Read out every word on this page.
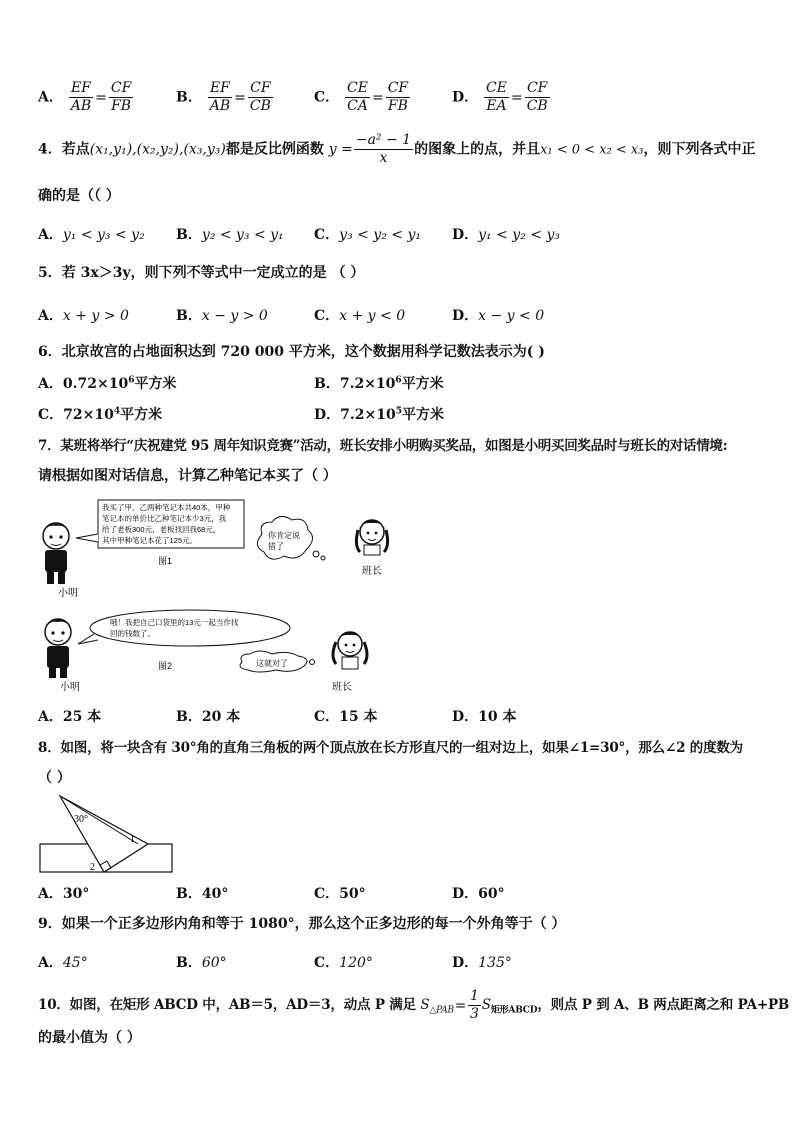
A． $\frac{EF}{AB} = \frac{CF}{FB}$	B． $\frac{EF}{AB} = \frac{CF}{CB}$	C． $\frac{CE}{CA} = \frac{CF}{FB}$	D． $\frac{CE}{EA} = \frac{CF}{CB}$
4．若点(x₁,y₁),(x₂,y₂),(x₃,y₃)都是反比例函数 $y = \frac{\text{−a² − 1}}{x}$ 的图象上的点，并且x₁ < 0 < x₂ < x₃，则下列各式中正
确的是（（ ）
A．y₁ < y₃ < y₂ B．y₂ < y₃ < y₁ C．y₃ < y₂ < y₁ D．y₁ < y₂ < y₃
5．若 3x＞3y，则下列不等式中一定成立的是 （ ）
A．x + y > 0	B．x − y > 0	C．x + y < 0	D．x − y < 0
6．北京故宫的占地面积达到 720 000 平方米，这个数据用科学记数法表示为( )
A．$0.72\times 10^6$平方米	B．$7.2\times 10^6$平方米
C．$72\times 10^4$平方米	D．$7.2\times 10^5$平方米
7．某班将举行“庆祝建党 95 周年知识竞赛”活动，班长安排小明购买奖品，如图是小明买回奖品时与班长的对话情境:
请根据如图对话信息，计算乙种笔记本买了（ ）
小明
我买了甲、乙两种笔记本共40本，甲种
笔记本的单价比乙种笔记本少3元，我
给了老板300元，老板找回我68元，
其中甲种笔记本花了125元。
图1
你肯定说
错了
班长
小明
哦！我把自己口袋里的13元一起当作找
回的钱数了。
图2	这就对了
班长
A．25 本	B．20 本	C．15 本	D．10 本
8．如图，将一块含有 30°角的直角三角板的两个顶点放在长方形直尺的一组对边上，如果∠1=30°，那么∠2 的度数为
（ ）
30°
1
2
A．30°	B．40°	C．50°	D．60°
9．如果一个正多边形内角和等于 1080°，那么这个正多边形的每一个外角等于（ ）
A．45°	B．60°	C．120°	D．135°
10．如图，在矩形 ABCD 中，AB＝5，AD＝3，动点 P 满足 $S_{\triangle PAB}= \frac{1}{3} S_{矩形ABCD}$，则点 P 到 A、B 两点距离之和 PA+PB
的最小值为（ ）
